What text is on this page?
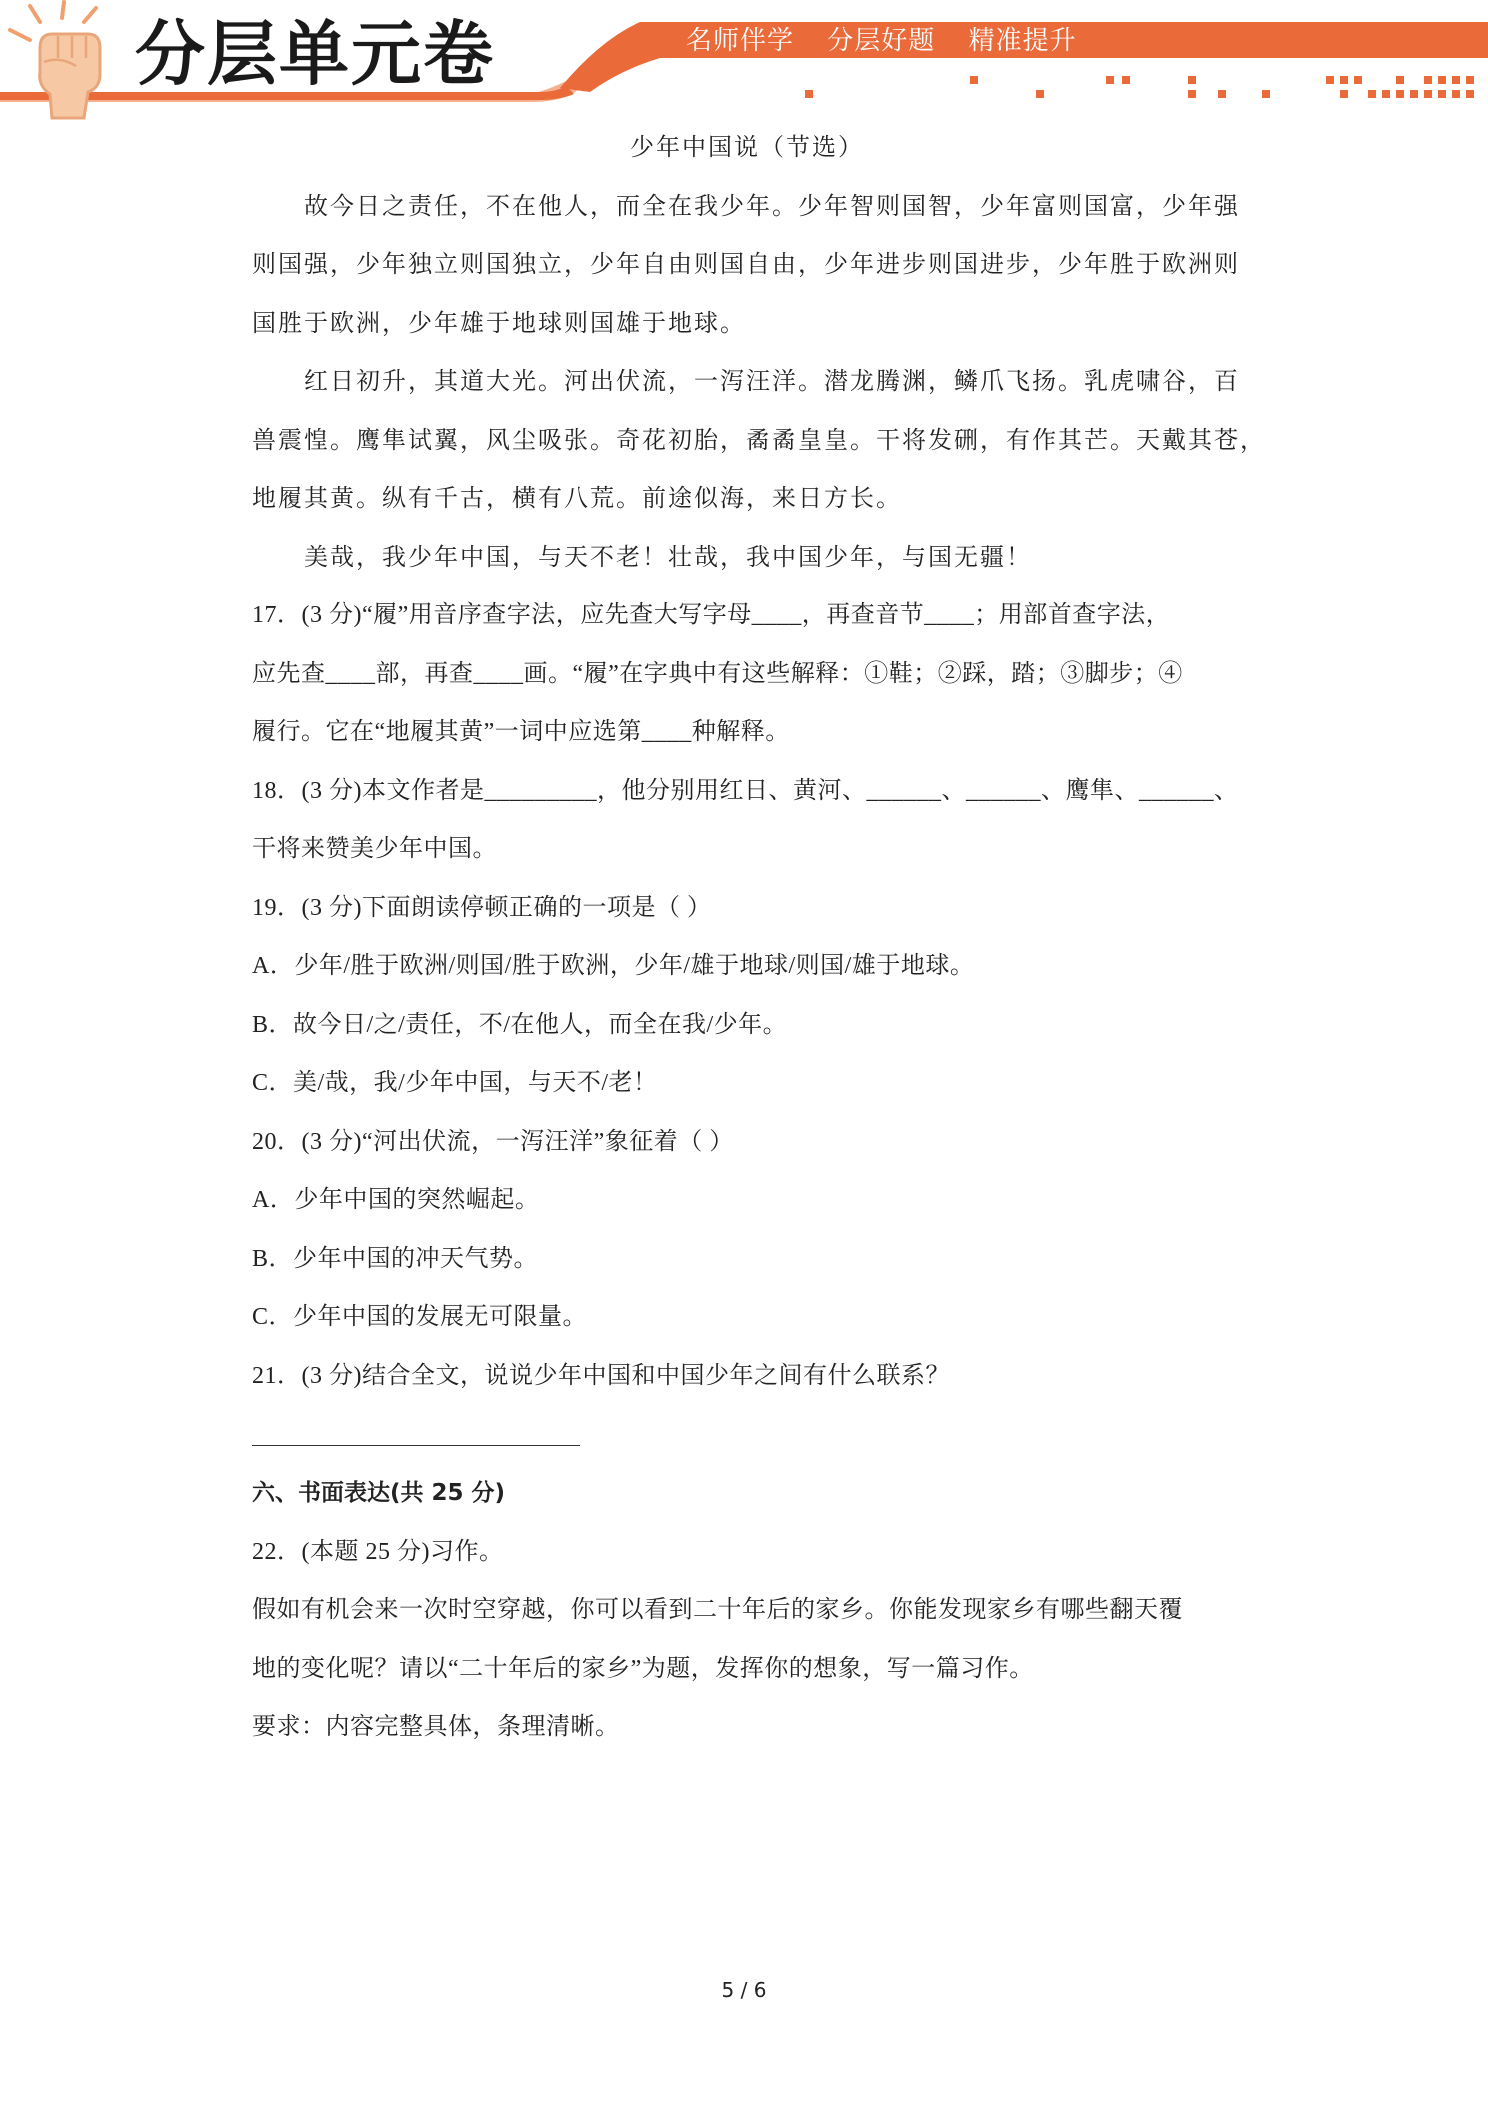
分层单元卷	名师伴学 分层好题 精准提升
少年中国说（节选）
故今日之责任，不在他人，而全在我少年。少年智则国智，少年富则国富，少年强
则国强，少年独立则国独立，少年自由则国自由，少年进步则国进步，少年胜于欧洲则
国胜于欧洲，少年雄于地球则国雄于地球。
红日初升，其道大光。河出伏流，一泻汪洋。潜龙腾渊，鳞爪飞扬。乳虎啸谷，百
兽震惶。鹰隼试翼，风尘吸张。奇花初胎，矞矞皇皇。干将发硎，有作其芒。天戴其苍，
地履其黄。纵有千古，横有八荒。前途似海，来日方长。
美哉，我少年中国，与天不老！壮哉，我中国少年，与国无疆！
17．(3 分)“履”用音序查字法，应先查大写字母____，再查音节____；用部首查字法，
应先查____部，再查____画。“履”在字典中有这些解释：①鞋；②踩，踏；③脚步；④
履行。它在“地履其黄”一词中应选第____种解释。
18．(3 分)本文作者是_________，他分别用红日、黄河、______、______、鹰隼、______、
干将来赞美少年中国。
19．(3 分)下面朗读停顿正确的一项是（ ）
A．少年/胜于欧洲/则国/胜于欧洲，少年/雄于地球/则国/雄于地球。
B．故今日/之/责任，不/在他人，而全在我/少年。
C．美/哉，我/少年中国，与天不/老！
20．(3 分)“河出伏流，一泻汪洋”象征着（ ）
A．少年中国的突然崛起。
B．少年中国的冲天气势。
C．少年中国的发展无可限量。
21．(3 分)结合全文，说说少年中国和中国少年之间有什么联系？
六、书面表达(共 25 分)
22．(本题 25 分)习作。
假如有机会来一次时空穿越，你可以看到二十年后的家乡。你能发现家乡有哪些翻天覆
地的变化呢？请以“二十年后的家乡”为题，发挥你的想象，写一篇习作。
要求：内容完整具体，条理清晰。
5 / 6
